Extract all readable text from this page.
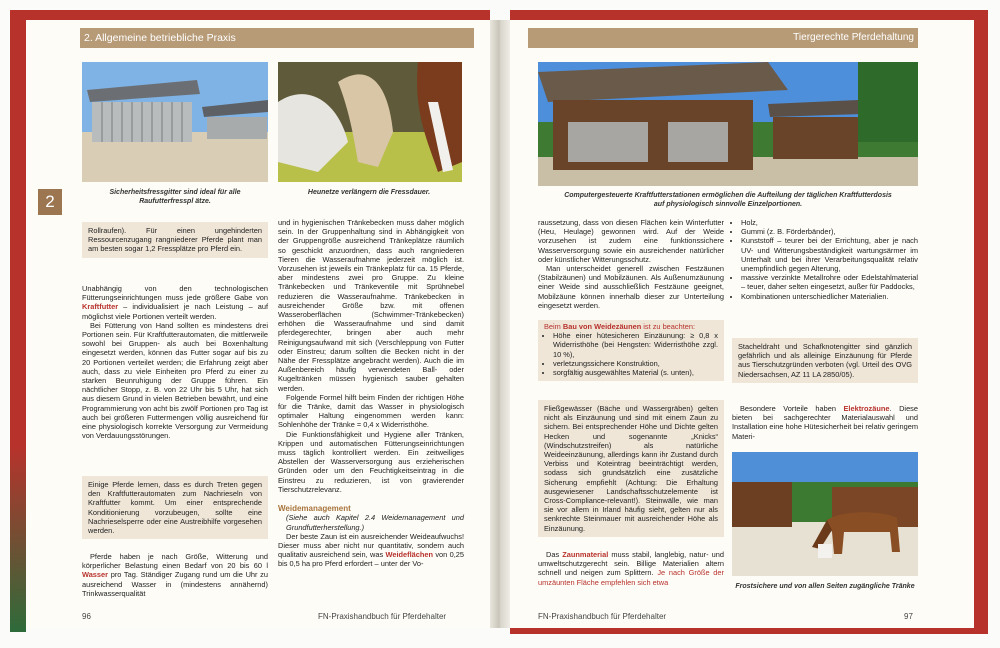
2. Allgemeine betriebliche Praxis	Tiergerechte Pferdehaltung
2	Sicherheitsfressgitter sind ideal für alle Raufutterfresspl ätze.
Heunetze verlängern die Fressdauer.
Rollraufen). Für einen ungehinderten Ressourcenzugang rangniederer Pferde plant man am besten sogar 1,2 Fressplätze pro Pferd ein.

Unabhängig von den technologischen Fütterungseinrichtungen muss jede größere Gabe von Kraftfutter – individualisiert je nach Leistung – auf möglichst viele Portionen verteilt werden.

Bei Fütterung von Hand sollten es mindestens drei Portionen sein. Für Kraftfutterautomaten, die mittlerweile sowohl bei Gruppen- als auch bei Boxenhaltung eingesetzt werden, können das Futter sogar auf bis zu 20 Portionen verteilet werden; die Erfahrung zeigt aber auch, dass zu viele Einheiten pro Pferd zu einer zu starken Beunruhigung der Gruppe führen. Ein nächtlicher Stopp, z. B. von 22 Uhr bis 5 Uhr, hat sich aus diesem Grund in vielen Betrieben bewährt, und eine Programmierung von acht bis zwölf Portionen pro Tag ist auch bei größeren Futtermengen völlig ausreichend für eine physiologisch korrekte Versorgung zur Vermeidung von Verdauungsstörungen.

Einige Pferde lernen, dass es durch Treten gegen den Kraftfutterautomaten zum Nachrieseln von Kraftfutter kommt. Um einer entsprechende Konditionierung vorzubeugen, sollte eine Nachrieselsperre oder eine Austreibhilfe vorgesehen werden.

Pferde haben je nach Größe, Witterung und körperlicher Belastung einen Bedarf von 20 bis 60 l Wasser pro Tag. Ständiger Zugang rund um die Uhr zu ausreichend Wasser in (mindestens annähernd) Trinkwasserqualität

und in hygienischen Tränkebecken muss daher möglich sein. In der Gruppenhaltung sind in Abhängigkeit von der Gruppengröße ausreichend Tränkeplätze räumlich so geschickt anzuordnen, dass auch rangniederen Tieren die Wasseraufnahme jederzeit möglich ist. Vorzusehen ist jeweils ein Tränkeplatz für ca. 15 Pferde, aber mindestens zwei pro Gruppe. Zu kleine Tränkebecken und Tränkeventile mit Sprühnebel reduzieren die Wasseraufnahme. Tränkebecken in ausreichender Größe bzw. mit offenen Wasseroberflächen (Schwimmer-Tränkebecken) erhöhen die Wasseraufnahme und sind damit pferdegerechter, bringen aber auch mehr Reinigungsaufwand mit sich (Verschleppung von Futter oder Einstreu; darum sollten die Becken nicht in der Nähe der Fressplätze angebracht werden). Auch die im Außenbereich häufig verwendeten Ball- oder Kugeltränken müssen hygienisch sauber gehalten werden.

Folgende Formel hilft beim Finden der richtigen Höhe für die Tränke, damit das Wasser in physiologisch optimaler Haltung eingenommen werden kann: Sohlenhöhe der Tränke = 0,4 x Widerristhöhe.

Die Funktionsfähigkeit und Hygiene aller Tränken, Krippen und automatischen Fütterungseinrichtungen muss täglich kontrolliert werden. Ein zeitweiliges Abstellen der Wasserversorgung aus erzieherischen Gründen oder um den Feuchtigkeitseintrag in die Einstreu zu reduzieren, ist von gravierender Tierschutzrelevanz.

Weidemanagement

(Siehe auch Kapitel 2.4 Weidemanagement und Grundfutterherstellung.)

Der beste Zaun ist ein ausreichender Weideaufwuchs! Dieser muss aber nicht nur quantitativ, sondern auch qualitativ ausreichend sein, was Weideflächen von 0,25 bis 0,5 ha pro Pferd erfordert – unter der Vo-

96	FN-Praxishandbuch für Pferdehalter
Computergesteuerte Kraftfutterstationen ermöglichen die Aufteilung der täglichen Kraftfutterdosis auf physiologisch sinnvolle Einzelportionen.

raussetzung, dass von diesen Flächen kein Winterfutter (Heu, Heulage) gewonnen wird. Auf der Weide vorzusehen ist zudem eine funktionssichere Wasserversorgung sowie ein ausreichender natürlicher oder künstlicher Witterungsschutz.

Man unterscheidet generell zwischen Festzäunen (Stabilzäunen) und Mobilzäunen. Als Außenumzäunung einer Weide sind ausschließlich Festzäune geeignet, Mobilzäune können innerhalb dieser zur Unterteilung eingesetzt werden.

Beim Bau von Weidezäunen ist zu beachten:

• Höhe einer hütesicheren Einzäunung: ≥ 0,8 x Widerristhöhe (bei Hengsten: Widerristhöhe zzgl. 10 %),
• verletzungssichere Konstruktion,
• sorgfältig ausgewähltes Material (s. unten),
Fließgewässer (Bäche und Wassergräben) gelten nicht als Einzäunung und sind mit einem Zaun zu sichern. Bei entsprechender Höhe und Dichte gelten Hecken und sogenannte „Knicks“ (Windschutzstreifen) als natürliche Weideeinzäunung, allerdings kann ihr Zustand durch Verbiss und Koteintrag beeinträchtigt werden, sodass sich grundsätzlich eine zusätzliche Sicherung empfiehlt (Achtung: Die Erhaltung ausgewiesener Landschaftsschutzelemente ist Cross-Compliance-relevant!). Steinwälle, wie man sie vor allem in Irland häufig sieht, gelten nur als senkrechte Steinmauer mit ausreichender Höhe als Einzäunung.

Das Zaunmaterial muss stabil, langlebig, natur- und umweltschutzgerecht sein. Billige Materialien altern schnell und neigen zum Splittern. Je nach Größe der umzäunten Fläche empfehlen sich etwa

• Holz,
• Gummi (z. B. Förderbänder),
• Kunststoff – teurer bei der Errichtung, aber je nach UV- und Witterungsbeständigkeit wartungsärmer im Unterhalt und bei ihrer Verarbeitungsqualität relativ unempfindlich gegen Alterung,
• massive verzinkte Metallrohre oder Edelstahlmaterial – teuer, daher selten eingesetzt, außer für Paddocks,
• Kombinationen unterschiedlicher Materialien.
Stacheldraht und Schafknotengitter sind gänzlich gefährlich und als alleinige Einzäunung für Pferde aus Tierschutzgründen verboten (vgl. Urteil des OVG Niedersachsen, AZ 11 LA 2850/05).

Besondere Vorteile haben Elektrozäune. Diese bieten bei sachgerechter Materialauswahl und Installation eine hohe Hütesicherheit bei relativ geringem Materi-

Frostsichere und von allen Seiten zugängliche Tränke
FN-Praxishandbuch für Pferdehalter	97
